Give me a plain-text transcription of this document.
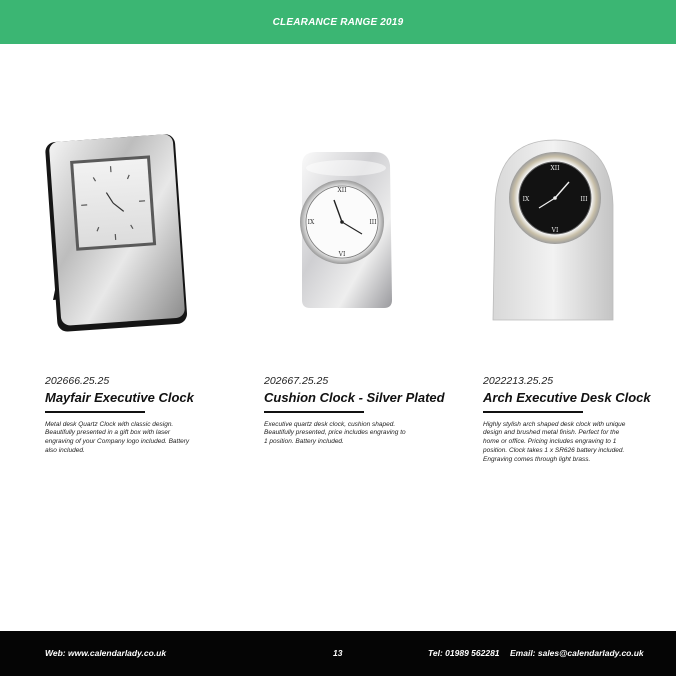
CLEARANCE RANGE 2019
202666.25.25
Mayfair Executive Clock
Metal desk Quartz Clock with classic design. Beautifully presented in a gift box with laser engraving of your Company logo included. Battery also included.
XII
VI
IX	III
202667.25.25
Cushion Clock - Silver Plated
Executive quartz desk clock, cushion shaped. Beautifully presented, price includes engraving to 1 position. Battery included.
XII
VI
IX	III
2022213.25.25
Arch Executive Desk Clock
Highly stylish arch shaped desk clock with unique design and brushed metal finish. Perfect for the home or office. Pricing includes engraving to 1 position. Clock takes 1 x SR626 battery included. Engraving comes through light brass.
Web: www.calendarlady.co.uk	13	Tel: 01989 562281 Email: sales@calendarlady.co.uk
